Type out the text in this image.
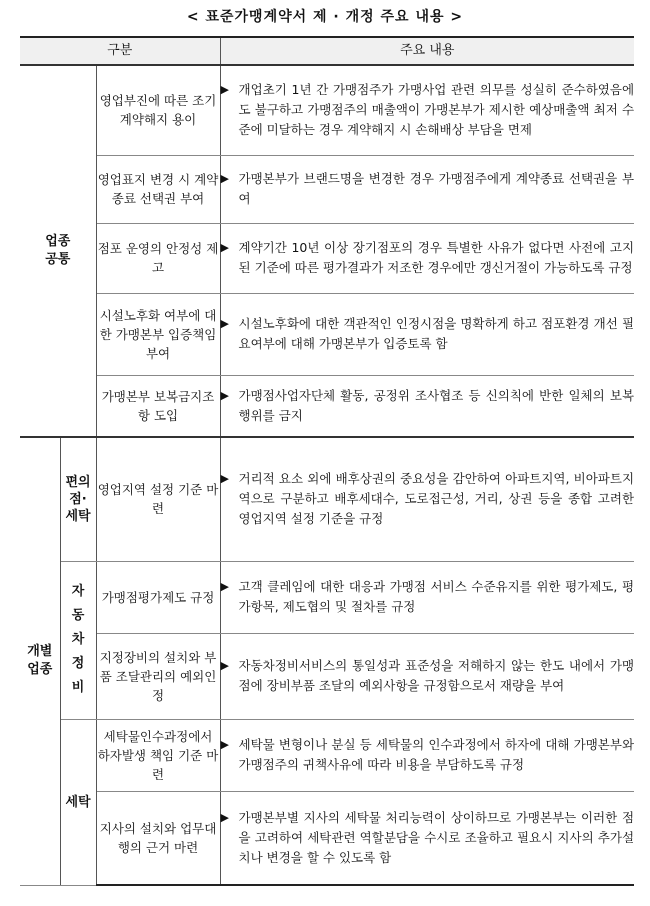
< 표준가맹계약서 제 · 개정 주요 내용 >
구분			주요 내용
업종
공통		영업부진에 따른 조기 계약해지 용이	▶ 개업초기 1년 간 가맹점주가 가맹사업 관련 의무를 성실히 준수하였음에도 불구하고 가맹점주의 매출액이 가맹본부가 제시한 예상매출액 최저 수준에 미달하는 경우 계약해지 시 손해배상 부담을 면제

		영업표지 변경 시 계약종료 선택권 부여	▶ 가맹본부가 브랜드명을 변경한 경우 가맹점주에게 계약종료 선택권을 부여

		점포 운영의 안정성 제고	▶ 계약기간 10년 이상 장기점포의 경우 특별한 사유가 없다면 사전에 고지된 기준에 따른 평가결과가 저조한 경우에만 갱신거절이 가능하도록 규정

		시설노후화 여부에 대한 가맹본부 입증책임 부여	▶ 시설노후화에 대한 객관적인 인정시점을 명확하게 하고 점포환경 개선 필요여부에 대해 가맹본부가 입증토록 함

		가맹본부 보복금지조항 도입	▶ 가맹점사업자단체 활동, 공정위 조사협조 등 신의칙에 반한 일체의 보복행위를 금지

개별
업종	편의
점·
세탁	영업지역 설정 기준 마련	▶ 거리적 요소 외에 배후상권의 중요성을 감안하여 아파트지역, 비아파트지역으로 구분하고 배후세대수, 도로접근성, 거리, 상권 등을 종합 고려한 영업지역 설정 기준을 규정

	자
동
차
정
비	가맹점평가제도 규정	▶ 고객 클레임에 대한 대응과 가맹점 서비스 수준유지를 위한 평가제도, 평가항목, 제도협의 및 절차를 규정

		지정장비의 설치와 부품 조달관리의 예외인정	▶ 자동차정비서비스의 통일성과 표준성을 저해하지 않는 한도 내에서 가맹점에 장비부품 조달의 예외사항을 규정함으로서 재량을 부여

	세탁	세탁물인수과정에서 하자발생 책임 기준 마련	▶ 세탁물 변형이나 분실 등 세탁물의 인수과정에서 하자에 대해 가맹본부와 가맹점주의 귀책사유에 따라 비용을 부담하도록 규정

		지사의 설치와 업무대행의 근거 마련	▶ 가맹본부별 지사의 세탁물 처리능력이 상이하므로 가맹본부는 이러한 점을 고려하여 세탁관련 역할분담을 수시로 조율하고 필요시 지사의 추가설치나 변경을 할 수 있도록 함
